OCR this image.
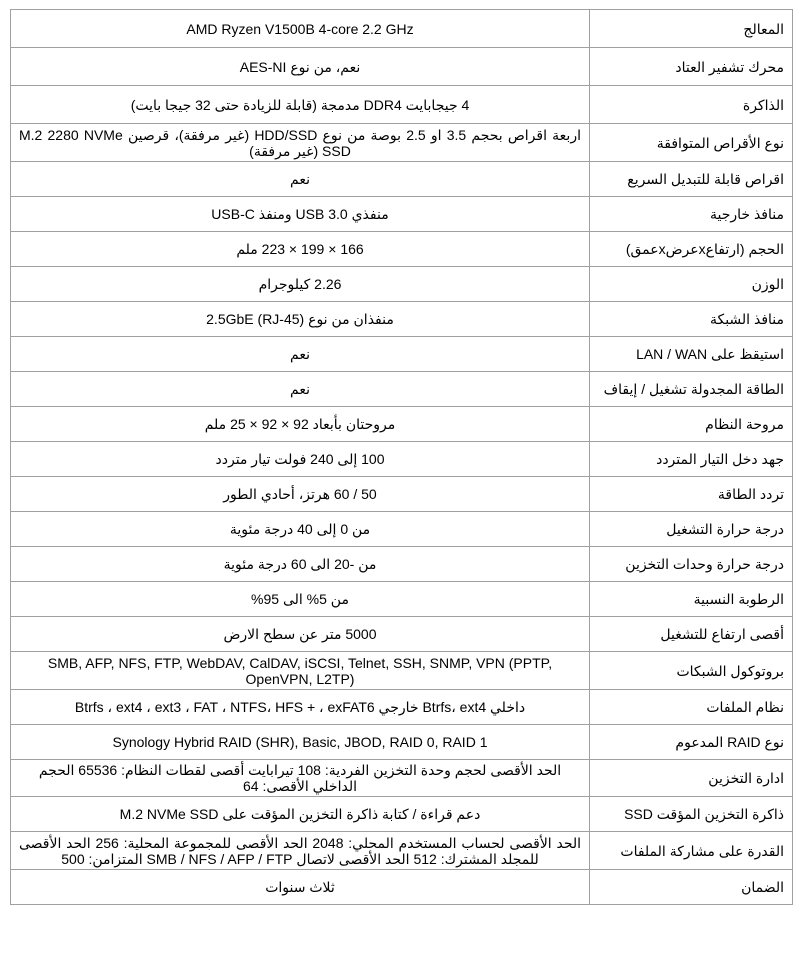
المعالج	AMD Ryzen V1500B 4-core 2.2 GHz
محرك تشفير العتاد	نعم، من نوع AES-NI
الذاكرة	4 جيجابايت DDR4 مدمجة (قابلة للزيادة حتى 32 جيجا بايت)
نوع الأقراص المتوافقة	اربعة اقراص بحجم 3.5 او 2.5 بوصة من نوع HDD/SSD (غير مرفقة)، قرصين M.2 2280 NVMe SSD (غير مرفقة)
اقراص قابلة للتبديل السريع	نعم
منافذ خارجية	منفذي USB 3.0 ومنفذ USB-C
الحجم (ارتفاعxعرضxعمق)	166 × 199 × 223 ملم
الوزن	2.26 كيلوجرام
منافذ الشبكة	منفذان من نوع (RJ-45) 2.5GbE
استيقظ على LAN / WAN	نعم
الطاقة المجدولة تشغيل / إيقاف	نعم
مروحة النظام	مروحتان بأبعاد 92 × 92 × 25 ملم
جهد دخل التيار المتردد	100 إلى 240 فولت تيار متردد
تردد الطاقة	50 / 60 هرتز، أحادي الطور
درجة حرارة التشغيل	من 0 إلى 40 درجة مئوية
درجة حرارة وحدات التخزين	من -20 الى 60 درجة مئوية
الرطوبة النسبية	من 5% الى 95%
أقصى ارتفاع للتشغيل	5000 متر عن سطح الارض
بروتوكول الشبكات	SMB, AFP, NFS, FTP, WebDAV, CalDAV, iSCSI, Telnet, SSH, SNMP, VPN (PPTP, OpenVPN, L2TP)
نظام الملفات	داخلي Btrfs، ext4 خارجي Btrfs ، ext4 ، ext3 ، FAT ، NTFS، HFS + ، exFAT6
نوع RAID المدعوم	Synology Hybrid RAID (SHR), Basic, JBOD, RAID 0, RAID 1
ادارة التخزين	الحد الأقصى لحجم وحدة التخزين الفردية: 108 تيرابايت أقصى لقطات النظام: 65536 الحجم الداخلي الأقصى: 64
ذاكرة التخزين المؤقت SSD	دعم قراءة / كتابة ذاكرة التخزين المؤقت على M.2 NVMe SSD
القدرة على مشاركة الملفات	الحد الأقصى لحساب المستخدم المحلي: 2048 الحد الأقصى للمجموعة المحلية: 256 الحد الأقصى للمجلد المشترك: 512 الحد الأقصى لاتصال SMB / NFS / AFP / FTP المتزامن: 500
الضمان	ثلاث سنوات
